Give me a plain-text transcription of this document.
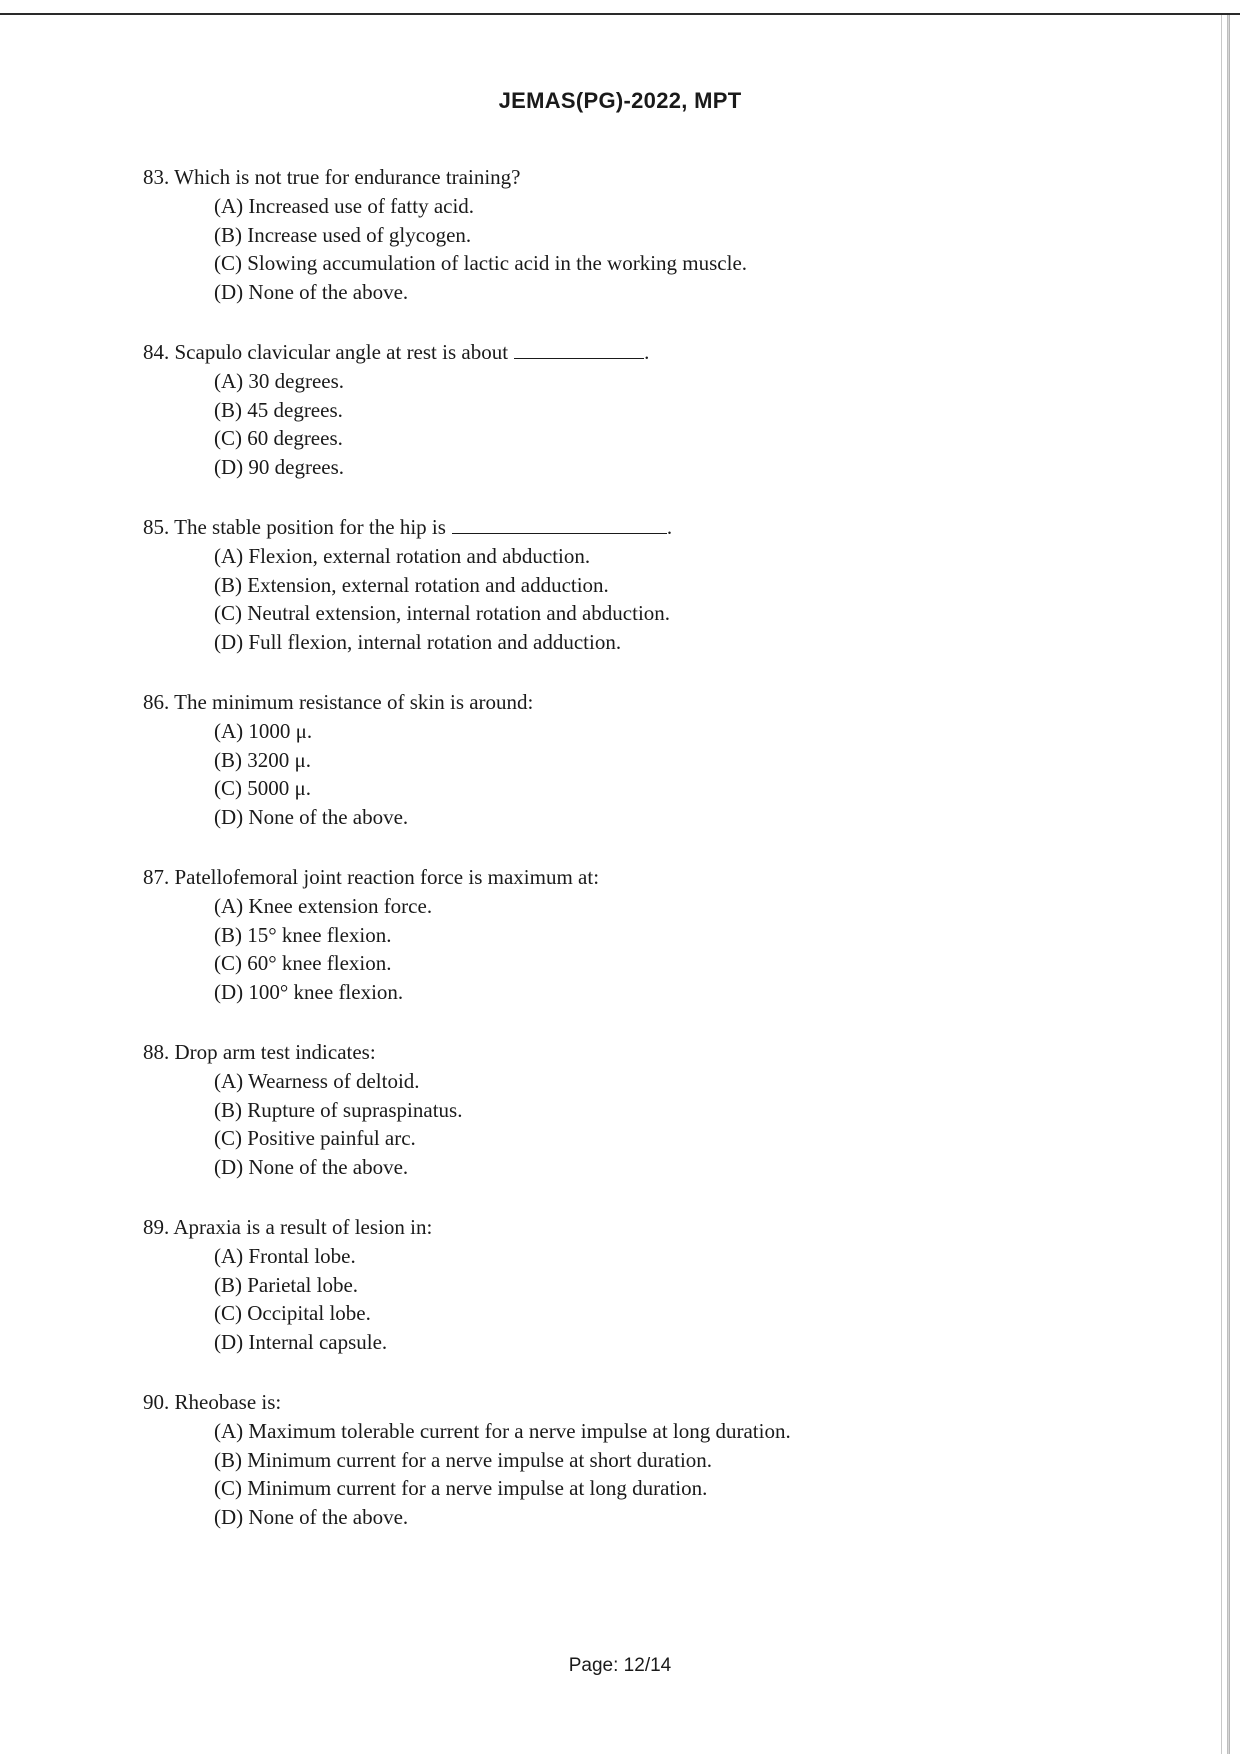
JEMAS(PG)-2022, MPT
83. Which is not true for endurance training?
(A) Increased use of fatty acid.
(B) Increase used of glycogen.
(C) Slowing accumulation of lactic acid in the working muscle.
(D) None of the above.
84. Scapulo clavicular angle at rest is about	.
(A) 30 degrees.
(B) 45 degrees.
(C) 60 degrees.
(D) 90 degrees.
85. The stable position for the hip is	.
(A) Flexion, external rotation and abduction.
(B) Extension, external rotation and adduction.
(C) Neutral extension, internal rotation and abduction.
(D) Full flexion, internal rotation and adduction.
86. The minimum resistance of skin is around:
(A) 1000 μ.
(B) 3200 μ.
(C) 5000 μ.
(D) None of the above.
87. Patellofemoral joint reaction force is maximum at:
(A) Knee extension force.
(B) 15° knee flexion.
(C) 60° knee flexion.
(D) 100° knee flexion.
88. Drop arm test indicates:
(A) Wearness of deltoid.
(B) Rupture of supraspinatus.
(C) Positive painful arc.
(D) None of the above.
89. Apraxia is a result of lesion in:
(A) Frontal lobe.
(B) Parietal lobe.
(C) Occipital lobe.
(D) Internal capsule.
90. Rheobase is:
(A) Maximum tolerable current for a nerve impulse at long duration.
(B) Minimum current for a nerve impulse at short duration.
(C) Minimum current for a nerve impulse at long duration.
(D) None of the above.
Page: 12/14
